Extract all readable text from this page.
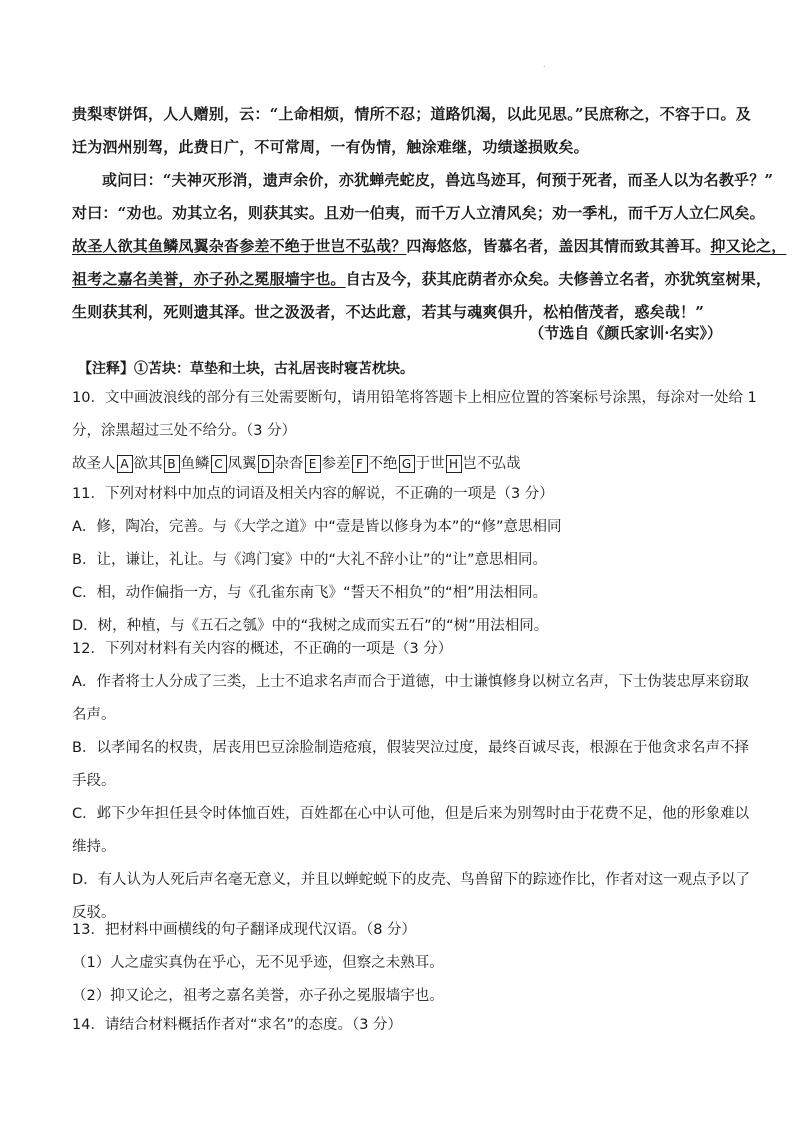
˙
贵梨枣饼饵，人人赠别，云：“上命相烦，情所不忍；道路饥渴，以此见思。”民庶称之，不容于口。及
迁为泗州别驾，此费日广，不可常周，一有伪情，触涂难继，功绩遂损败矣。
或问曰：“夫神灭形消，遗声余价，亦犹蝉壳蛇皮，兽迒鸟迹耳，何预于死者，而圣人以为名教乎？”
对曰：“劝也。劝其立名，则获其实。且劝一伯夷，而千万人立清风矣；劝一季札，而千万人立仁风矣。
故圣人欲其鱼鳞凤翼杂沓参差不绝于世岂不弘哉？四海悠悠，皆慕名者，盖因其情而致其善耳。抑又论之，
祖考之嘉名美誉，亦子孙之冕服墙宇也。自古及今，获其庇荫者亦众矣。夫修善立名者，亦犹筑室树果，
生则获其利，死则遗其泽。世之汲汲者，不达此意，若其与魂爽俱升，松柏偕茂者，惑矣哉！”
（节选自《颜氏家训·名实》）
【注释】①苫块：草垫和土块，古礼居丧时寝苫枕块。
10．文中画波浪线的部分有三处需要断句，请用铅笔将答题卡上相应位置的答案标号涂黑，每涂对一处给 1
分，涂黑超过三处不给分。（3 分）
故圣人 A 欲其 B 鱼鳞 C 凤翼 D 杂沓 E 参差 F 不绝 G 于世 H 岂不弘哉
11．下列对材料中加点的词语及相关内容的解说，不正确的一项是（3 分）
A．修，陶冶，完善。与《大学之道》中“壹是皆以修身为本”的“修”意思相同
B．让，谦让，礼让。与《鸿门宴》中的“大礼不辞小让”的“让”意思相同。
C．相，动作偏指一方，与《孔雀东南飞》“誓天不相负”的“相”用法相同。
D．树，种植，与《五石之瓠》中的“我树之成而实五石”的“树”用法相同。
12．下列对材料有关内容的概述，不正确的一项是（3 分）
A．作者将士人分成了三类，上士不追求名声而合于道德，中士谦慎修身以树立名声，下士伪装忠厚来窃取
名声。
B．以孝闻名的权贵，居丧用巴豆涂脸制造疮痕，假装哭泣过度，最终百诚尽丧，根源在于他贪求名声不择
手段。
C．邺下少年担任县令时体恤百姓，百姓都在心中认可他，但是后来为别驾时由于花费不足，他的形象难以
维持。
D．有人认为人死后声名毫无意义，并且以蝉蛇蜕下的皮壳、鸟兽留下的踪迹作比，作者对这一观点予以了
反驳。
13．把材料中画横线的句子翻译成现代汉语。（8 分）
（1）人之虚实真伪在乎心，无不见乎迹，但察之未熟耳。
（2）抑又论之，祖考之嘉名美誉，亦子孙之冕服墙宇也。
14．请结合材料概括作者对“求名”的态度。（3 分）
